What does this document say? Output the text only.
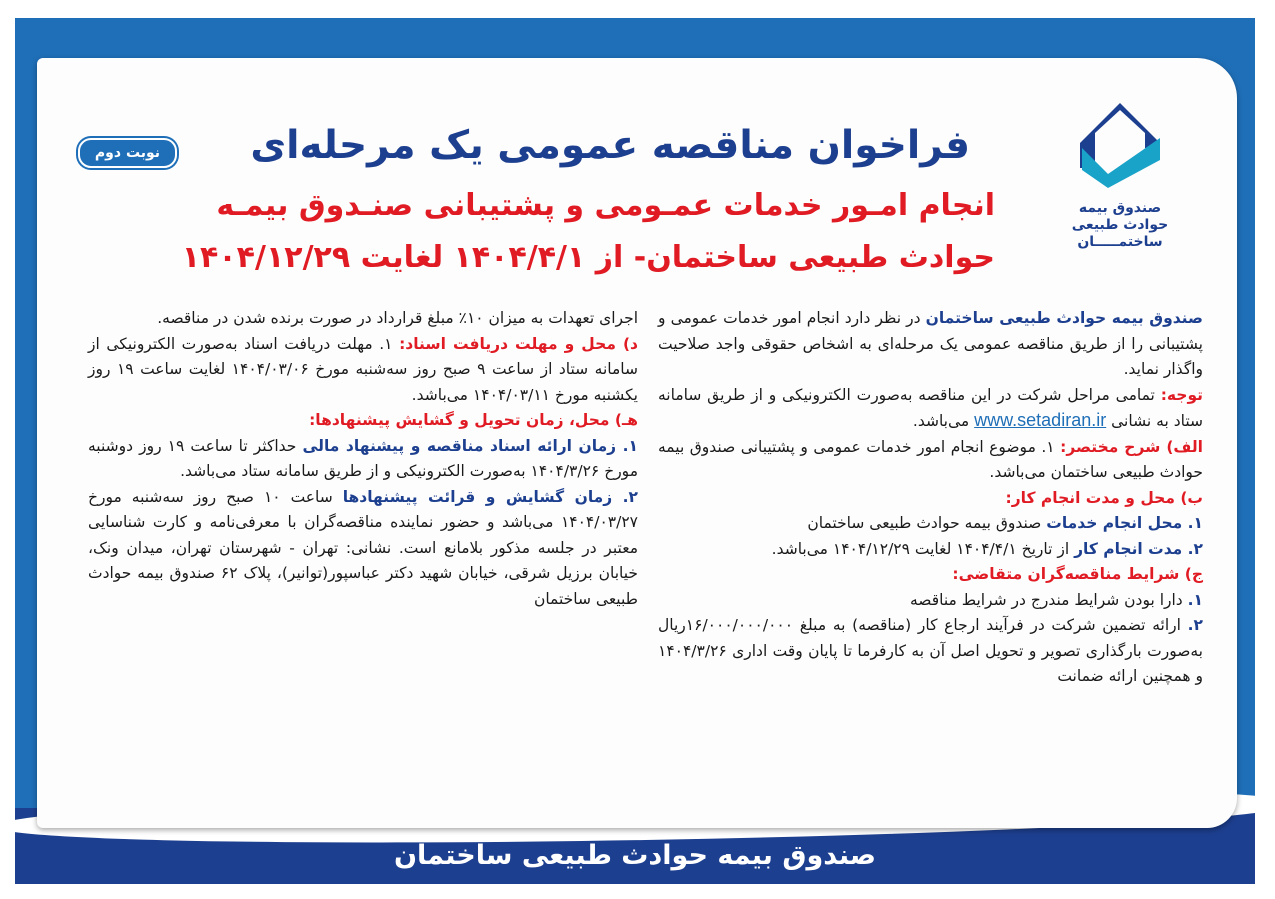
صندوق بیمه حوادث طبیعی ساختمان
صندوق بیمه
حوادث طبیعی
ساختمـــــان
نوبت دوم	فراخوان مناقصه عمومی یک مرحله‌ای
انجام امـور خدمات عمـومی و پشتیبانی صنـدوق بیمـه
حوادث طبیعی ساختمان- از ۱۴۰۴/۴/۱ لغایت ۱۴۰۴/۱۲/۲۹

صندوق بیمه حوادث طبیعی ساختمان در نظر دارد انجام امور خدمات عمومی و پشتیبانی را از طریق مناقصه عمومی یک مرحله‌ای به اشخاص حقوقی واجد صلاحیت واگذار نماید.

توجه: تمامی مراحل شرکت در این مناقصه به‌صورت الکترونیکی و از طریق سامانه ستاد به نشانی www.setadiran.ir می‌باشد.

الف) شرح مختصر: ۱. موضوع انجام امور خدمات عمومی و پشتیبانی صندوق بیمه حوادث طبیعی ساختمان می‌باشد.

ب) محل و مدت انجام کار:

۱. محل انجام خدمات صندوق بیمه حوادث طبیعی ساختمان

۲. مدت انجام کار از تاریخ ۱۴۰۴/۴/۱ لغایت ۱۴۰۴/۱۲/۲۹ می‌باشد.

ج) شرایط مناقصه‌گران متقاضی:

۱. دارا بودن شرایط مندرج در شرایط مناقصه

۲. ارائه تضمین شرکت در فرآیند ارجاع کار (مناقصه) به مبلغ ۱۶/۰۰۰/۰۰۰/۰۰۰ریال به‌صورت بارگذاری تصویر و تحویل اصل آن به کارفرما تا پایان وقت اداری ۱۴۰۴/۳/۲۶ و همچنین ارائه ضمانت

اجرای تعهدات به میزان ۱۰٪ مبلغ قرارداد در صورت برنده شدن در مناقصه.

د) محل و مهلت دریافت اسناد: ۱. مهلت دریافت اسناد به‌صورت الکترونیکی از سامانه ستاد از ساعت ۹ صبح روز سه‌شنبه مورخ ۱۴۰۴/۰۳/۰۶ لغایت ساعت ۱۹ روز یکشنبه مورخ ۱۴۰۴/۰۳/۱۱ می‌باشد.

هـ) محل، زمان تحویل و گشایش پیشنهادها:

۱. زمان ارائه اسناد مناقصه و پیشنهاد مالی حداکثر تا ساعت ۱۹ روز دوشنبه مورخ ۱۴۰۴/۳/۲۶ به‌صورت الکترونیکی و از طریق سامانه ستاد می‌باشد.

۲. زمان گشایش و قرائت پیشنهادها ساعت ۱۰ صبح روز سه‌شنبه مورخ ۱۴۰۴/۰۳/۲۷ می‌باشد و حضور نماینده مناقصه‌گران با معرفی‌نامه و کارت شناسایی معتبر در جلسه مذکور بلامانع است. نشانی: تهران - شهرستان تهران، میدان ونک، خیابان برزیل شرقی، خیابان شهید دکتر عباسپور(توانیر)، پلاک ۶۲ صندوق بیمه حوادث طبیعی ساختمان
